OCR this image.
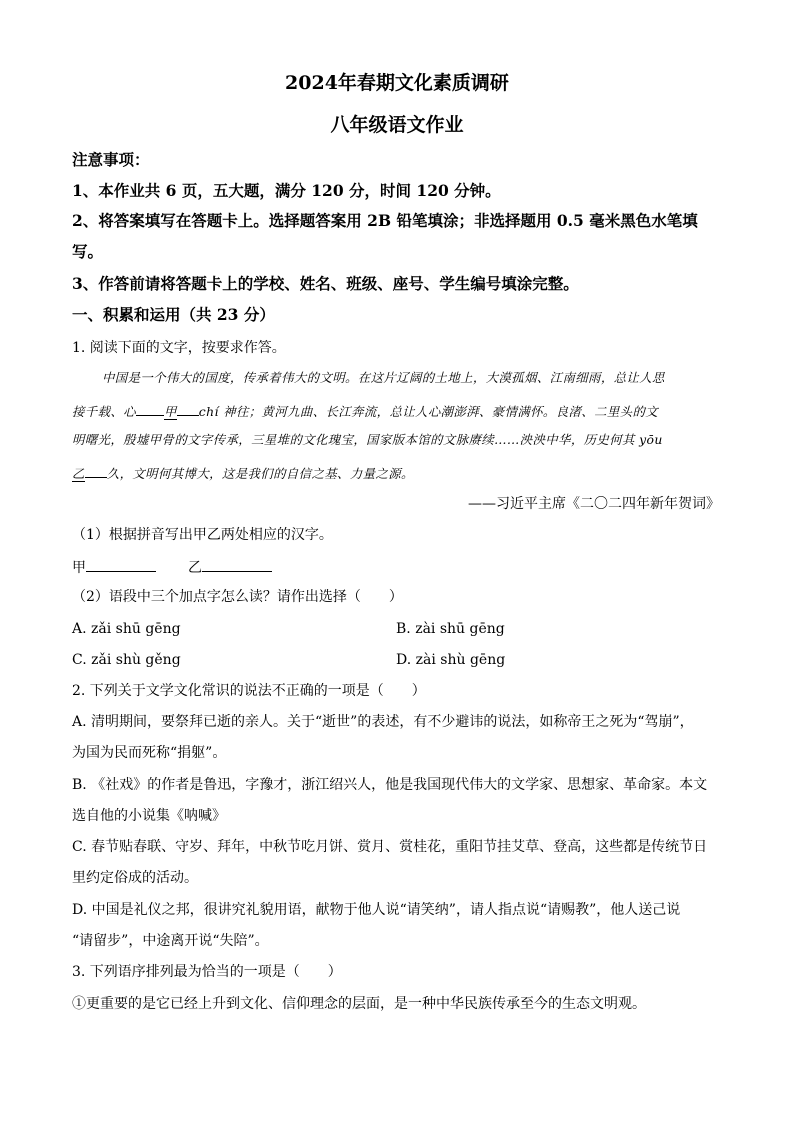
2024年春期文化素质调研
八年级语文作业
注意事项：
1、本作业共 6 页，五大题，满分 120 分，时间 120 分钟。
2、将答案填写在答题卡上。选择题答案用 2B 铅笔填涂；非选择题用 0.5 毫米黑色水笔填
写。
3、作答前请将答题卡上的学校、姓名、班级、座号、学生编号填涂完整。
一、积累和运用（共 23 分）
1. 阅读下面的文字，按要求作答。
中国是一个伟大的国度，传承着伟大的文明。在这片辽阔的土地上，大漠孤烟、江南细雨，总让人思
接千载、心 甲 chí 神往；黄河九曲、长江奔流，总让人心潮澎湃、豪情满怀。良渚、二里头的文
明曙光，殷墟甲骨的文字传承，三星堆的文化瑰宝，国家版本馆的文脉赓续……泱泱中华，历史何其 yōu
乙 久，文明何其博大，这是我们的自信之基、力量之源。
——习近平主席《二〇二四年新年贺词》
（1）根据拼音写出甲乙两处相应的汉字。
甲	乙
（2）语段中三个加点字怎么读？请作出选择（　　）
A. zǎi shū gēng	B. zài shū gēng
C. zǎi shù gěng	D. zài shù gēng
2. 下列关于文学文化常识的说法不正确的一项是（　　）
A. 清明期间，要祭拜已逝的亲人。关于“逝世”的表述，有不少避讳的说法，如称帝王之死为“驾崩”，
为国为民而死称“捐躯”。
B. 《社戏》的作者是鲁迅，字豫才，浙江绍兴人，他是我国现代伟大的文学家、思想家、革命家。本文
选自他的小说集《呐喊》
C. 春节贴春联、守岁、拜年，中秋节吃月饼、赏月、赏桂花，重阳节挂艾草、登高，这些都是传统节日
里约定俗成的活动。
D. 中国是礼仪之邦，很讲究礼貌用语，献物于他人说“请笑纳”，请人指点说“请赐教”，他人送己说
“请留步”，中途离开说“失陪”。
3. 下列语序排列最为恰当的一项是（　　）
①更重要的是它已经上升到文化、信仰理念的层面，是一种中华民族传承至今的生态文明观。
